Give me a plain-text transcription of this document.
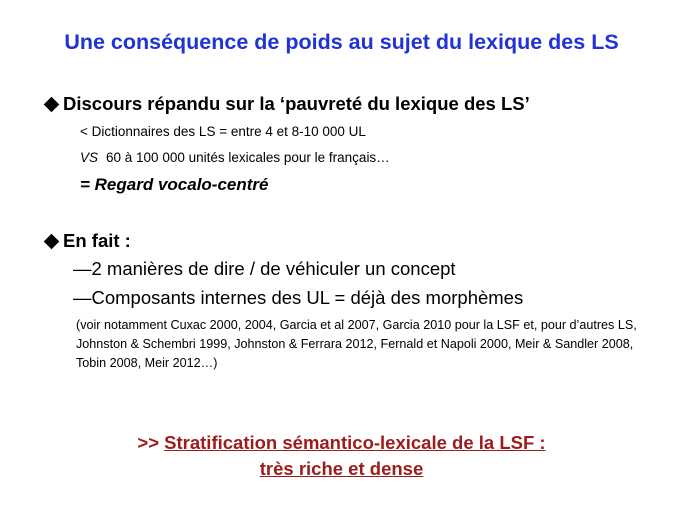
Une conséquence de poids au sujet du lexique des LS
Discours répandu sur la ‘pauvreté du lexique des LS’
< Dictionnaires des LS = entre 4 et 8-10 000 UL
VS 60 à 100 000 unités lexicales pour le français…
= Regard vocalo-centré
En fait :
—2 manières de dire / de véhiculer un concept
—Composants internes des UL = déjà des morphèmes
(voir notamment Cuxac 2000, 2004, Garcia et al 2007, Garcia 2010 pour la LSF et, pour d’autres LS, Johnston & Schembri 1999, Johnston & Ferrara 2012, Fernald et Napoli 2000, Meir & Sandler 2008, Tobin 2008, Meir 2012…)
>> Stratification sémantico-lexicale de la LSF :
très riche et dense
